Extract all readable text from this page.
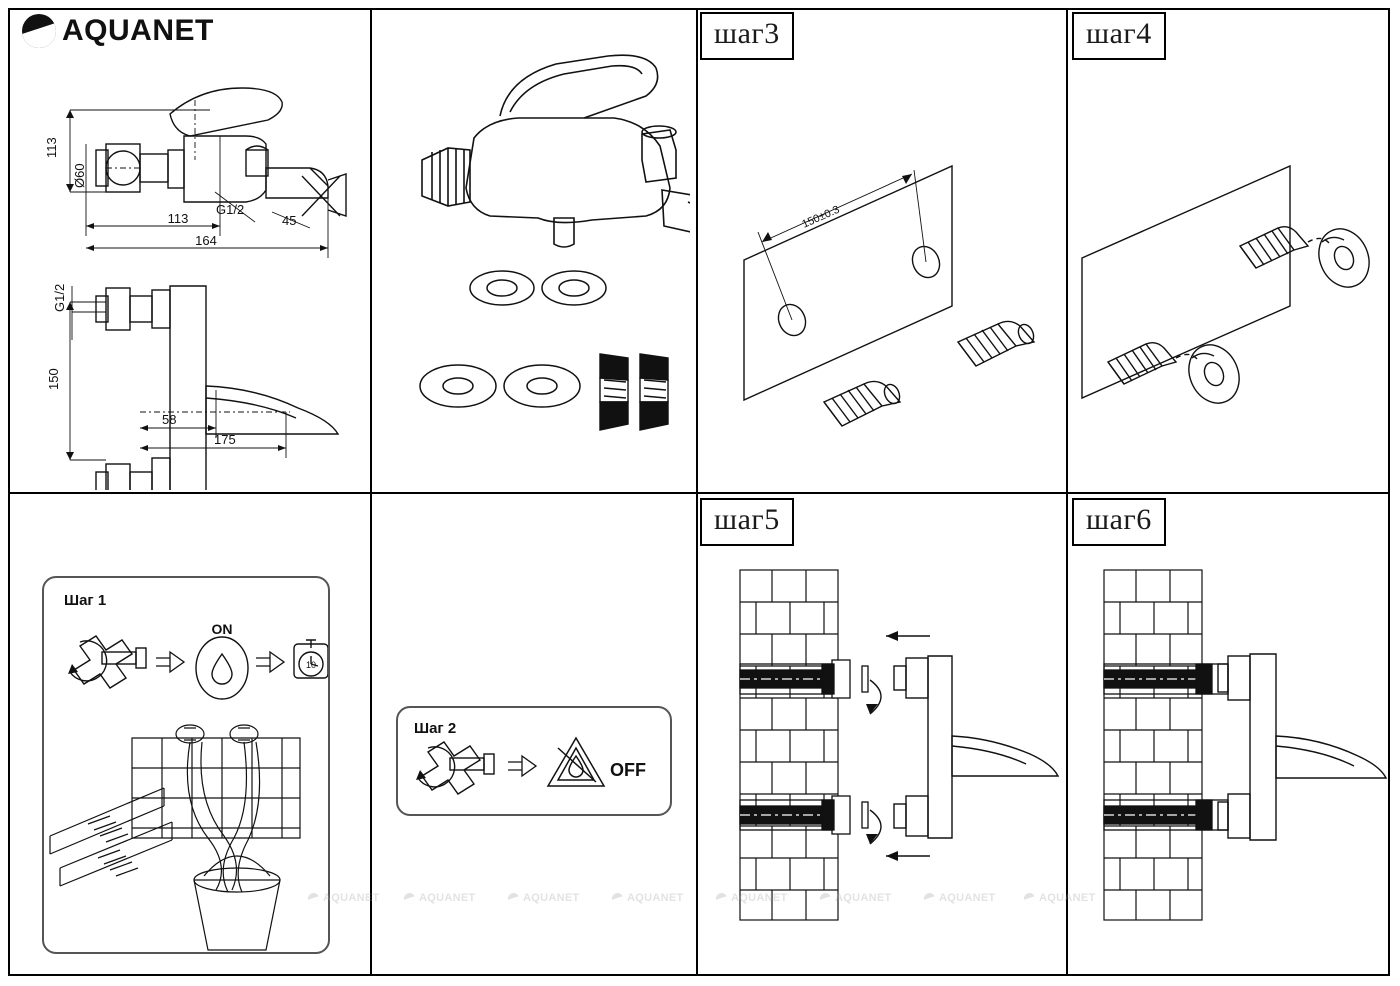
AQUANET
113
Ø60
113
164
G1/2
45
G1/2
150
58
175
шаг3
150±0.3
шаг4
Шаг 1
ON
10
Шаг 2
OFF
шаг5	шаг6
AQUANET	AQUANET	AQUANET	AQUANET	AQUANET	AQUANET	AQUANET	AQUANET
